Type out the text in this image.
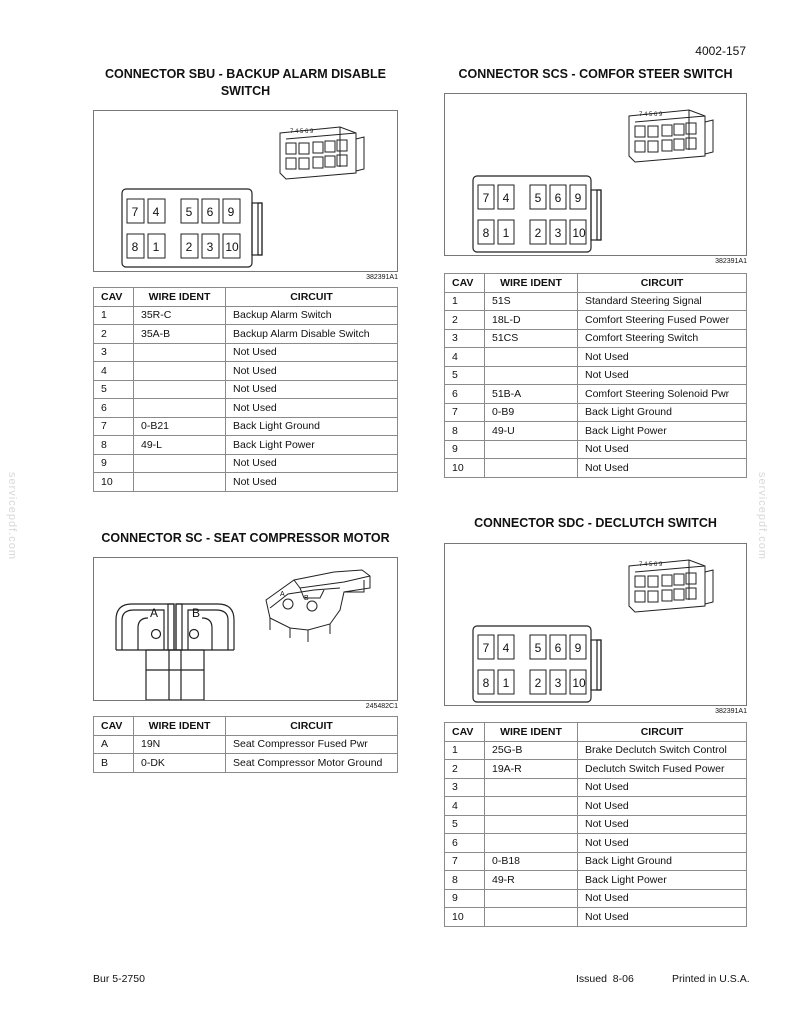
4002-157
servicepdf.com	servicepdf.com
CONNECTOR SBU - BACKUP ALARM DISABLE
SWITCH
7 4 5 6 9
7 4 5 6 9
8 1 2 3 10
382391A1
CAV	WIRE IDENT	CIRCUIT
1	35R-C	Backup Alarm Switch
2	35A-B	Backup Alarm Disable Switch
3		Not Used
4		Not Used
5		Not Used
6		Not Used
7	0-B21	Back Light Ground
8	49-L	Back Light Power
9		Not Used
10		Not Used
CONNECTOR SC - SEAT COMPRESSOR MOTOR
A	B
A
B
245482C1
CAV	WIRE IDENT	CIRCUIT
A	19N	Seat Compressor Fused Pwr
B	0-DK	Seat Compressor Motor Ground
CONNECTOR SCS - COMFOR STEER SWITCH
7 4 5 6 9
7 4 5 6 9
8 1 2 3 10
382391A1
CAV	WIRE IDENT	CIRCUIT
1	51S	Standard Steering Signal
2	18L-D	Comfort Steering Fused Power
3	51CS	Comfort Steering Switch
4		Not Used
5		Not Used
6	51B-A	Comfort Steering Solenoid Pwr
7	0-B9	Back Light Ground
8	49-U	Back Light Power
9		Not Used
10		Not Used
CONNECTOR SDC - DECLUTCH SWITCH
7 4 5 6 9
7 4 5 6 9
8 1 2 3 10
382391A1
CAV	WIRE IDENT	CIRCUIT
1	25G-B	Brake Declutch Switch Control
2	19A-R	Declutch Switch Fused Power
3		Not Used
4		Not Used
5		Not Used
6		Not Used
7	0-B18	Back Light Ground
8	49-R	Back Light Power
9		Not Used
10		Not Used
Bur 5-2750	Issued  8-06	Printed in U.S.A.
